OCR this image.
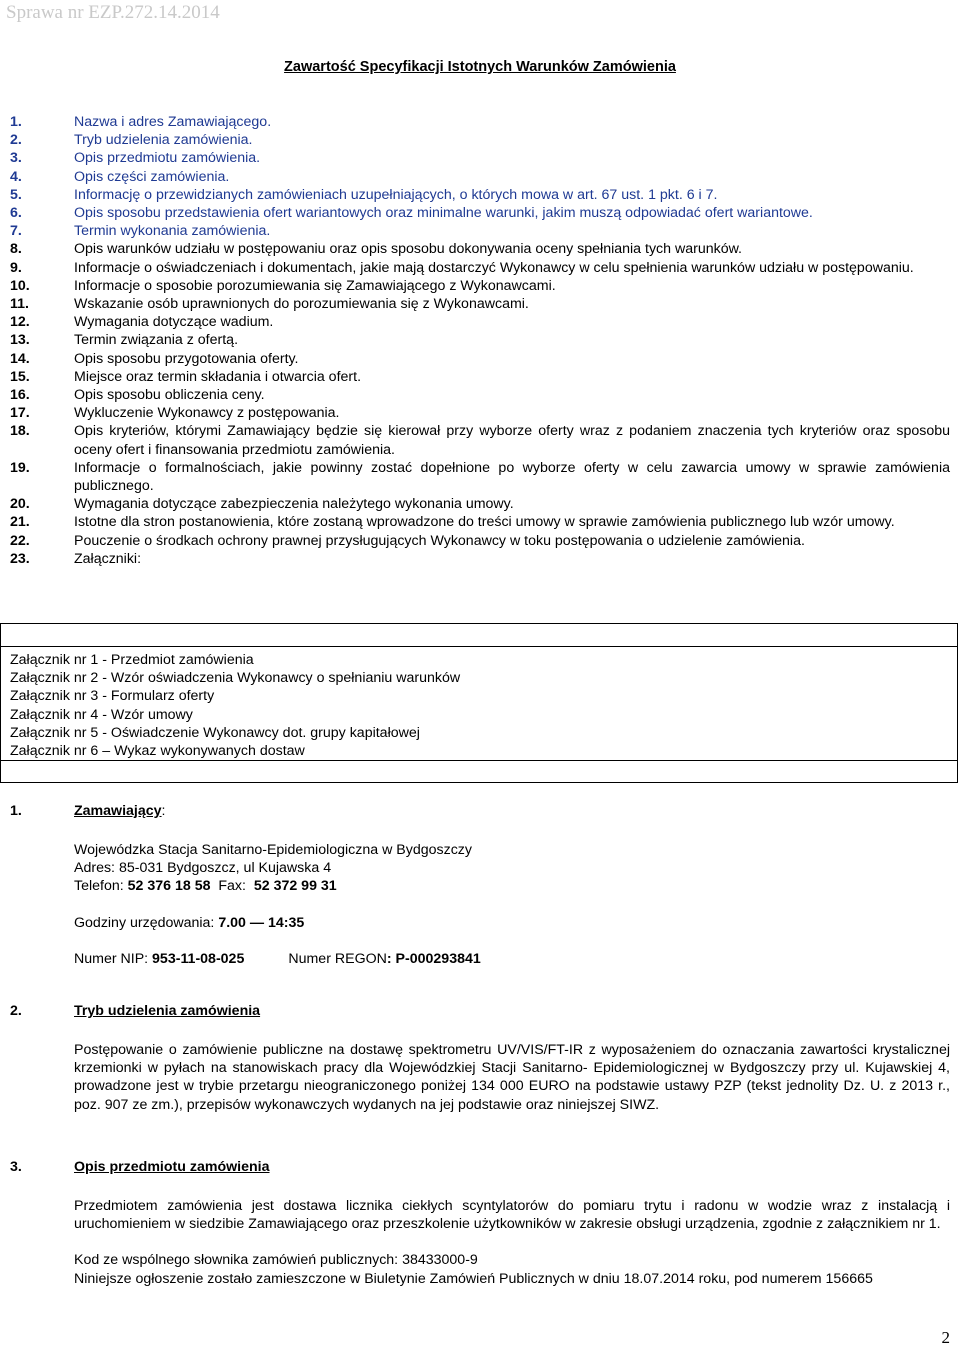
Sprawa nr EZP.272.14.2014
Zawartość Specyfikacji Istotnych Warunków Zamówienia
1.	Nazwa i adres Zamawiającego.
2.	Tryb udzielenia zamówienia.
3.	Opis przedmiotu zamówienia.
4.	Opis części zamówienia.
5.	Informację o przewidzianych zamówieniach uzupełniających, o których mowa w art. 67 ust. 1 pkt. 6 i 7.
6.	Opis sposobu przedstawienia ofert wariantowych oraz minimalne warunki, jakim muszą odpowiadać ofert wariantowe.
7.	Termin wykonania zamówienia.
8.	Opis warunków udziału w postępowaniu oraz opis sposobu dokonywania oceny spełniania tych warunków.
9.	Informacje o oświadczeniach i dokumentach, jakie mają dostarczyć Wykonawcy w celu spełnienia warunków udziału w postępowaniu.
10.	Informacje o sposobie porozumiewania się Zamawiającego z Wykonawcami.
11.	Wskazanie osób uprawnionych do porozumiewania się z Wykonawcami.
12.	Wymagania dotyczące wadium.
13.	Termin związania z ofertą.
14.	Opis sposobu przygotowania oferty.
15.	Miejsce oraz termin składania i otwarcia ofert.
16.	Opis sposobu obliczenia ceny.
17.	Wykluczenie Wykonawcy z postępowania.
18.	Opis kryteriów, którymi Zamawiający będzie się kierował przy wyborze oferty wraz z podaniem znaczenia tych kryteriów oraz sposobu oceny ofert i finansowania przedmiotu zamówienia.
19.	Informacje o formalnościach, jakie powinny zostać dopełnione po wyborze oferty w celu zawarcia umowy w sprawie zamówienia publicznego.
20.	Wymagania dotyczące zabezpieczenia należytego wykonania umowy.
21.	Istotne dla stron postanowienia, które zostaną wprowadzone do treści umowy w sprawie zamówienia publicznego lub wzór umowy.
22.	Pouczenie o środkach ochrony prawnej przysługujących Wykonawcy w toku postępowania o udzielenie zamówienia.
23.	Załączniki:
Załącznik nr 1 - Przedmiot zamówienia
Załącznik nr 2 - Wzór oświadczenia Wykonawcy o spełnianiu warunków
Załącznik nr 3 - Formularz oferty
Załącznik nr 4 - Wzór umowy
Załącznik nr 5 - Oświadczenie Wykonawcy dot. grupy kapitałowej
Załącznik nr 6 – Wykaz wykonywanych dostaw
1.	Zamawiający:
Wojewódzka Stacja Sanitarno-Epidemiologiczna w Bydgoszczy
Adres: 85-031 Bydgoszcz, ul Kujawska 4
Telefon: 52 376 18 58  Fax:  52 372 99 31
Godziny urzędowania: 7.00 — 14:35
Numer NIP: 953-11-08-025	Numer REGON: P-000293841
2.	Tryb udzielenia zamówienia
Postępowanie o zamówienie publiczne na dostawę spektrometru UV/VIS/FT-IR z wyposażeniem do oznaczania zawartości krystalicznej krzemionki w pyłach na stanowiskach pracy dla Wojewódzkiej Stacji Sanitarno- Epidemiologicznej w Bydgoszczy przy ul. Kujawskiej 4, prowadzone jest w trybie przetargu nieograniczonego poniżej 134 000 EURO na podstawie ustawy PZP (tekst jednolity Dz. U. z 2013 r., poz. 907 ze zm.), przepisów wykonawczych wydanych na jej podstawie oraz niniejszej SIWZ.
3.	Opis przedmiotu zamówienia
Przedmiotem zamówienia jest dostawa licznika ciekłych scyntylatorów do pomiaru trytu i radonu w wodzie wraz z instalacją i uruchomieniem w siedzibie Zamawiającego oraz przeszkolenie użytkowników w zakresie obsługi urządzenia, zgodnie z załącznikiem nr 1.
Kod ze wspólnego słownika zamówień publicznych: 38433000-9
Niniejsze ogłoszenie zostało zamieszczone w Biuletynie Zamówień Publicznych w dniu 18.07.2014 roku, pod numerem 156665
2
